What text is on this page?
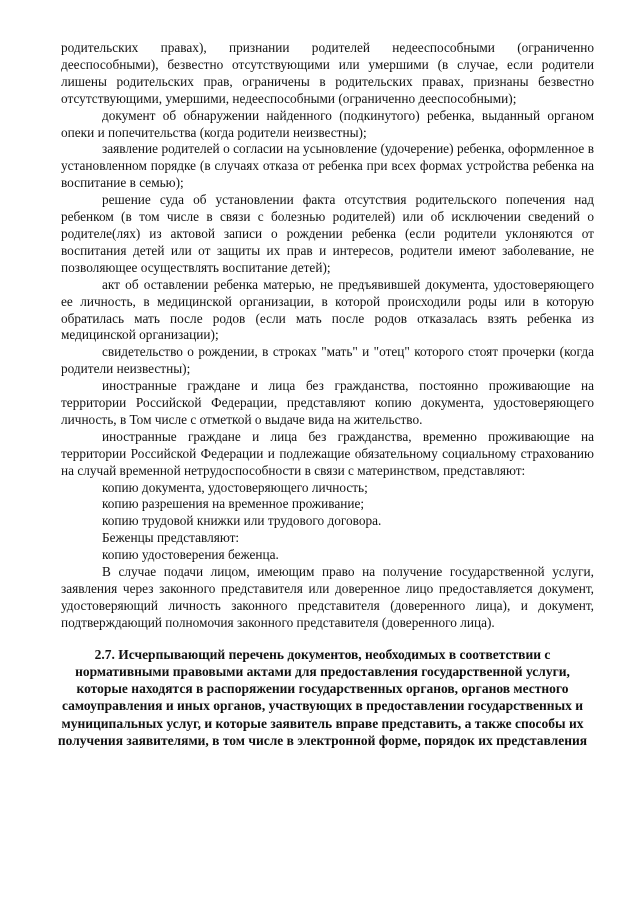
родительских правах), признании родителей недееспособными (ограниченно дееспособными), безвестно отсутствующими или умершими (в случае, если родители лишены родительских прав, ограничены в родительских правах, признаны безвестно отсутствующими, умершими, недееспособными (ограниченно дееспособными);

документ об обнаружении найденного (подкинутого) ребенка, выданный органом опеки и попечительства (когда родители неизвестны);

заявление родителей о согласии на усыновление (удочерение) ребенка, оформленное в установленном порядке (в случаях отказа от ребенка при всех формах устройства ребенка на воспитание в семью);

решение суда об установлении факта отсутствия родительского попечения над ребенком (в том числе в связи с болезнью родителей) или об исключении сведений о родителе(лях) из актовой записи о рождении ребенка (если родители уклоняются от воспитания детей или от защиты их прав и интересов, родители имеют заболевание, не позволяющее осуществлять воспитание детей);

акт об оставлении ребенка матерью, не предъявившей документа, удостоверяющего ее личность, в медицинской организации, в которой происходили роды или в которую обратилась мать после родов (если мать после родов отказалась взять ребенка из медицинской организации);

свидетельство о рождении, в строках "мать" и "отец" которого стоят прочерки (когда родители неизвестны);

иностранные граждане и лица без гражданства, постоянно проживающие на территории Российской Федерации, представляют копию документа, удостоверяющего личность, в Том числе с отметкой о выдаче вида на жительство.

иностранные граждане и лица без гражданства, временно проживающие на территории Российской Федерации и подлежащие обязательному социальному страхованию на случай временной нетрудоспособности в связи с материнством, представляют:

копию документа, удостоверяющего личность;

копию разрешения на временное проживание;

копию трудовой книжки или трудового договора.

Беженцы представляют:

копию удостоверения беженца.

В случае подачи лицом, имеющим право на получение государственной услуги, заявления через законного представителя или доверенное лицо предоставляется документ, удостоверяющий личность законного представителя (доверенного лица), и документ, подтверждающий полномочия законного представителя (доверенного лица).

2.7. Исчерпывающий перечень документов, необходимых в соответствии с нормативными правовыми актами для предоставления государственной услуги, которые находятся в распоряжении государственных органов, органов местного самоуправления и иных органов, участвующих в предоставлении государственных и муниципальных услуг, и которые заявитель вправе представить, а также способы их получения заявителями, в том числе в электронной форме, порядок их представления
